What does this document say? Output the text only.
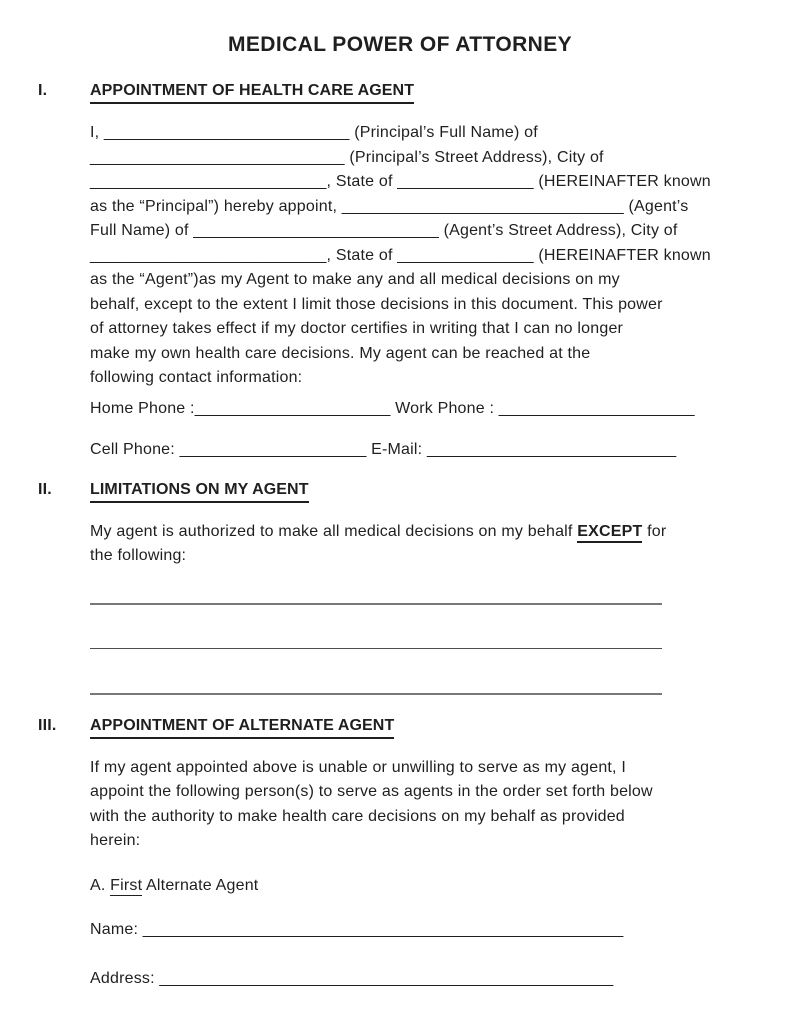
MEDICAL POWER OF ATTORNEY
I.	APPOINTMENT OF HEALTH CARE AGENT
I, ___________________________ (Principal’s Full Name) of
____________________________ (Principal’s Street Address), City of
__________________________, State of _______________ (HEREINAFTER known
as the “Principal”) hereby appoint, _______________________________ (Agent’s
Full Name) of ___________________________ (Agent’s Street Address), City of
__________________________, State of _______________ (HEREINAFTER known
as the “Agent”)as my Agent to make any and all medical decisions on my
behalf, except to the extent I limit those decisions in this document. This power
of attorney takes effect if my doctor certifies in writing that I can no longer
make my own health care decisions. My agent can be reached at the
following contact information:
Home Phone :______________________ Work Phone : ______________________
Cell Phone: _____________________ E-Mail: ____________________________
II. LIMITATIONS ON MY AGENT
My agent is authorized to make all medical decisions on my behalf EXCEPT for
the following:
III. APPOINTMENT OF ALTERNATE AGENT
If my agent appointed above is unable or unwilling to serve as my agent, I
appoint the following person(s) to serve as agents in the order set forth below
with the authority to make health care decisions on my behalf as provided
herein:
A. First Alternate Agent
Name: ______________________________________________________
Address: ___________________________________________________
